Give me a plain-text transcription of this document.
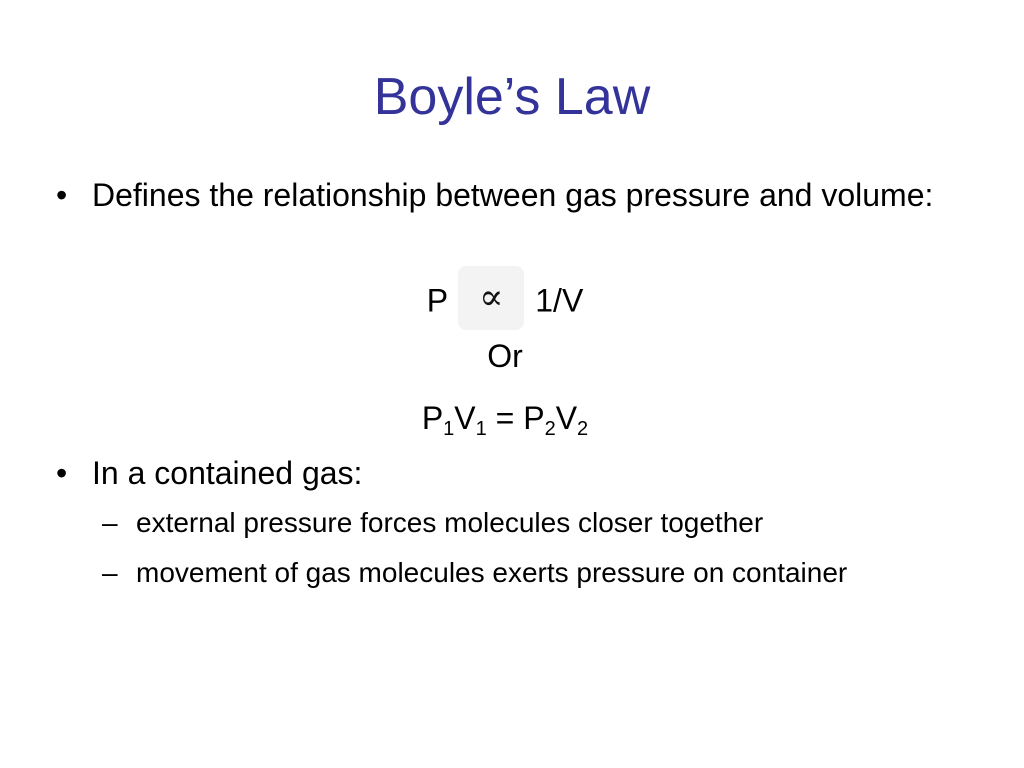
Boyle’s Law
• Defines the relationship between gas pressure and volume:
P ∝ 1/V
Or
$P_1V_1 = P_2V_2$
• In a contained gas:
– external pressure forces molecules closer together
– movement of gas molecules exerts pressure on container
